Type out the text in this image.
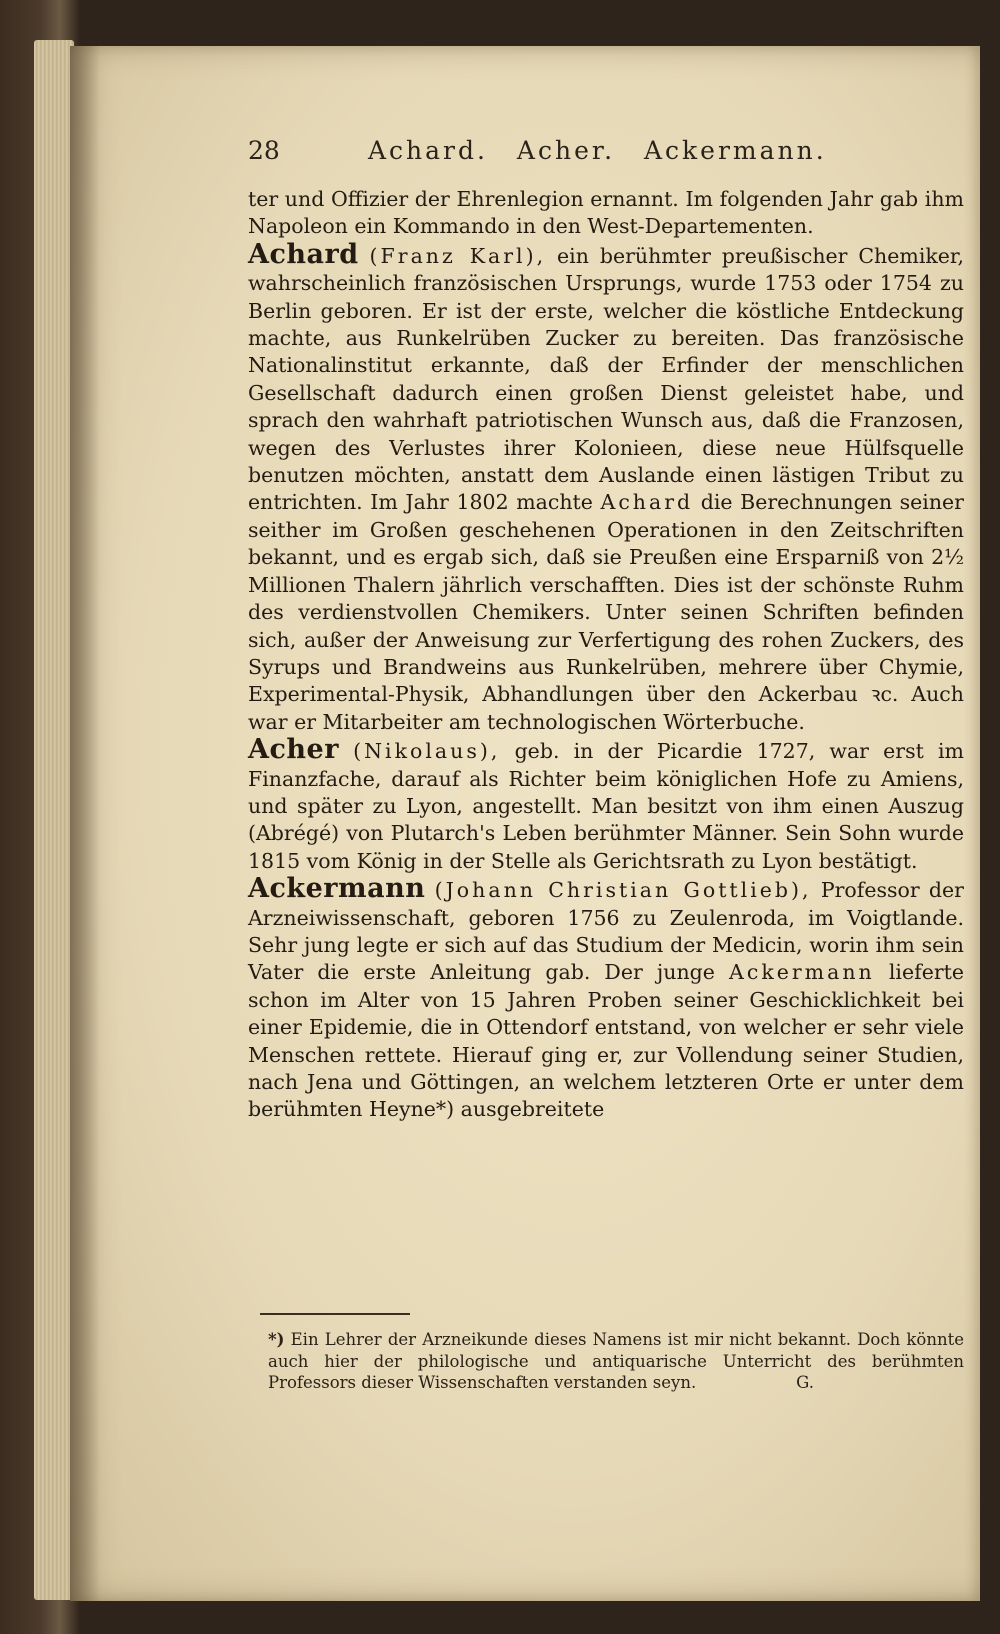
28	Achard. Acher. Ackermann.

ter und Offizier der Ehrenlegion ernannt. Im folgenden Jahr gab ihm Napoleon ein Kommando in den West-Departementen.

Achard (Franz Karl), ein berühmter preußischer Chemiker, wahrscheinlich französischen Ursprungs, wurde 1753 oder 1754 zu Berlin geboren. Er ist der erste, welcher die köstliche Entdeckung machte, aus Runkelrüben Zucker zu bereiten. Das französische Nationalinstitut erkannte, daß der Erfinder der menschlichen Gesellschaft dadurch einen großen Dienst geleistet habe, und sprach den wahrhaft patriotischen Wunsch aus, daß die Franzosen, wegen des Verlustes ihrer Kolonieen, diese neue Hülfsquelle benutzen möchten, anstatt dem Auslande einen lästigen Tribut zu entrichten. Im Jahr 1802 machte Achard die Berechnungen seiner seither im Großen geschehenen Operationen in den Zeitschriften bekannt, und es ergab sich, daß sie Preußen eine Ersparniß von 2½ Millionen Thalern jährlich verschafften. Dies ist der schönste Ruhm des verdienstvollen Chemikers. Unter seinen Schriften befinden sich, außer der Anweisung zur Verfertigung des rohen Zuckers, des Syrups und Brandweins aus Runkelrüben, mehrere über Chymie, Experimental-Physik, Abhandlungen über den Ackerbau ꝛc. Auch war er Mitarbeiter am technologischen Wörterbuche.

Acher (Nikolaus), geb. in der Picardie 1727, war erst im Finanzfache, darauf als Richter beim königlichen Hofe zu Amiens, und später zu Lyon, angestellt. Man besitzt von ihm einen Auszug (Abrégé) von Plutarch's Leben berühmter Männer. Sein Sohn wurde 1815 vom König in der Stelle als Gerichtsrath zu Lyon bestätigt.

Ackermann (Johann Christian Gottlieb), Professor der Arzneiwissenschaft, geboren 1756 zu Zeulenroda, im Voigtlande. Sehr jung legte er sich auf das Studium der Medicin, worin ihm sein Vater die erste Anleitung gab. Der junge Ackermann lieferte schon im Alter von 15 Jahren Proben seiner Geschicklichkeit bei einer Epidemie, die in Ottendorf entstand, von welcher er sehr viele Menschen rettete. Hierauf ging er, zur Vollendung seiner Studien, nach Jena und Göttingen, an welchem letzteren Orte er unter dem berühmten Heyne*) ausgebreitete

*) Ein Lehrer der Arzneikunde dieses Namens ist mir nicht bekannt. Doch könnte auch hier der philologische und antiquarische Unterricht des berühmten Professors dieser Wissenschaften verstanden seyn.	G.
